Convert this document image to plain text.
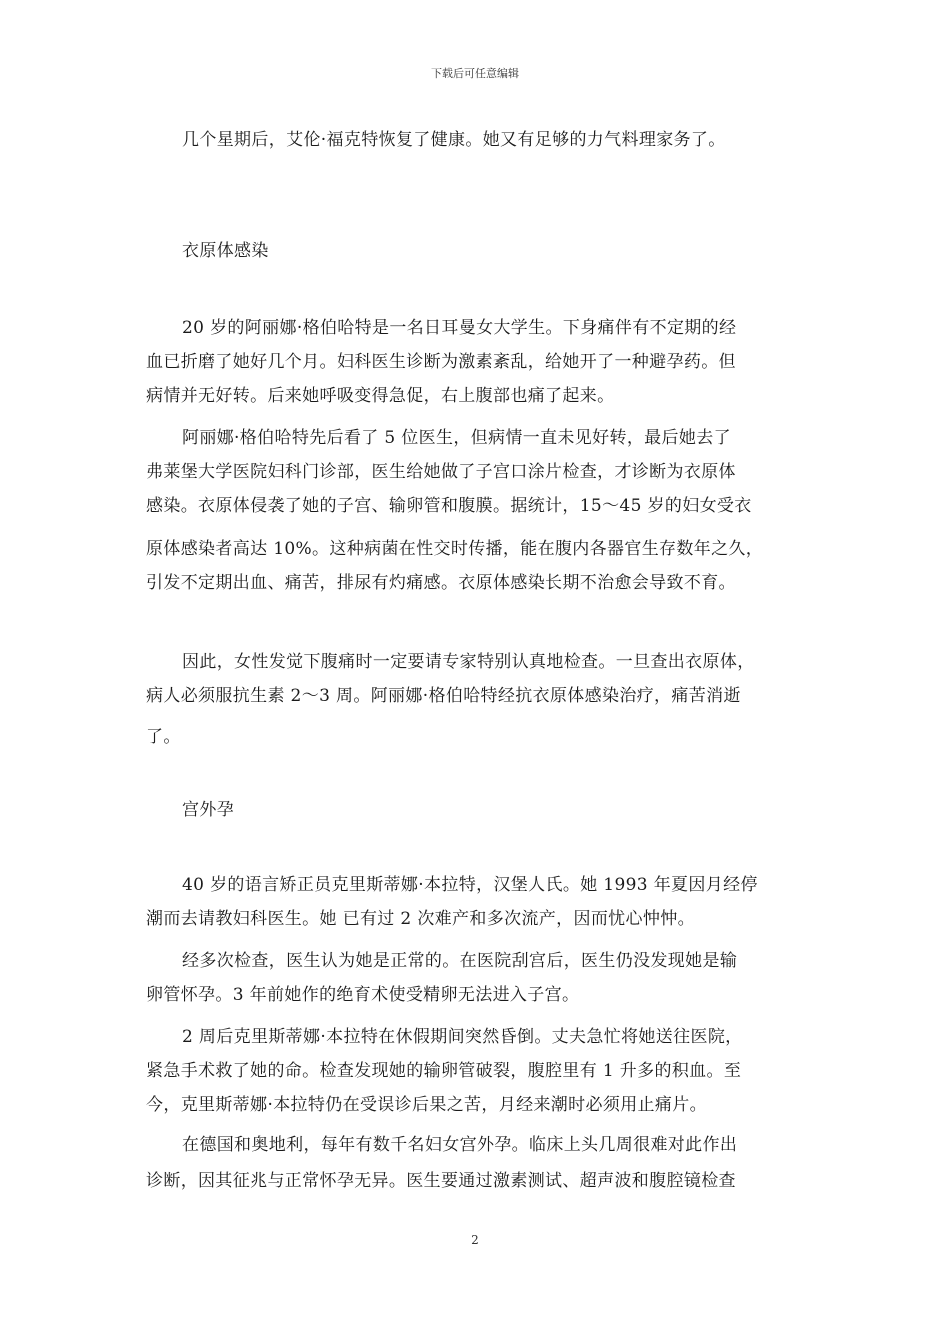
下载后可任意编辑
几个星期后，艾伦·福克特恢复了健康。她又有足够的力气料理家务了。
衣原体感染
20 岁的阿丽娜·格伯哈特是一名日耳曼女大学生。下身痛伴有不定期的经
血已折磨了她好几个月。妇科医生诊断为激素紊乱，给她开了一种避孕药。但
病情并无好转。后来她呼吸变得急促，右上腹部也痛了起来。
阿丽娜·格伯哈特先后看了 5 位医生，但病情一直未见好转，最后她去了
弗莱堡大学医院妇科门诊部，医生给她做了子宫口涂片检查，才诊断为衣原体
感染。衣原体侵袭了她的子宫、输卵管和腹膜。据统计，15～45 岁的妇女受衣
原体感染者高达 10%。这种病菌在性交时传播，能在腹内各器官生存数年之久，
引发不定期出血、痛苦，排尿有灼痛感。衣原体感染长期不治愈会导致不育。
因此，女性发觉下腹痛时一定要请专家特别认真地检查。一旦查出衣原体，
病人必须服抗生素 2～3 周。阿丽娜·格伯哈特经抗衣原体感染治疗，痛苦消逝
了。
宫外孕
40 岁的语言矫正员克里斯蒂娜·本拉特，汉堡人氏。她 1993 年夏因月经停
潮而去请教妇科医生。她 已有过 2 次难产和多次流产，因而忧心忡忡。
经多次检查，医生认为她是正常的。在医院刮宫后，医生仍没发现她是输
卵管怀孕。3 年前她作的绝育术使受精卵无法进入子宫。
2 周后克里斯蒂娜·本拉特在休假期间突然昏倒。丈夫急忙将她送往医院，
紧急手术救了她的命。检查发现她的输卵管破裂，腹腔里有 1 升多的积血。至
今，克里斯蒂娜·本拉特仍在受误诊后果之苦，月经来潮时必须用止痛片。
在德国和奥地利，每年有数千名妇女宫外孕。临床上头几周很难对此作出
诊断，因其征兆与正常怀孕无异。医生要通过激素测试、超声波和腹腔镜检查
2
